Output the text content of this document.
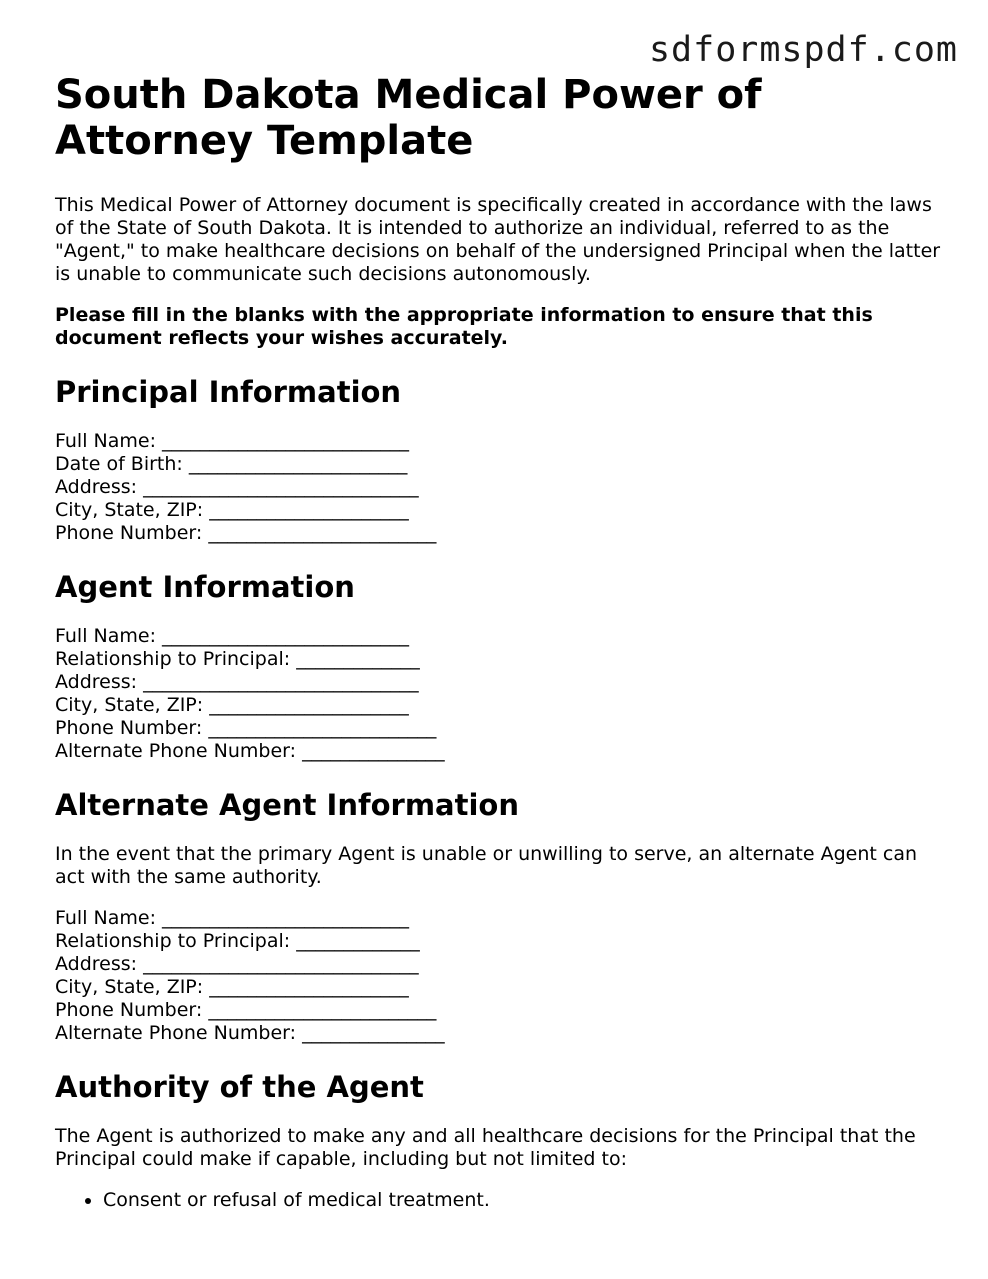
sdformspdf.com
South Dakota Medical Power of Attorney Template

This Medical Power of Attorney document is specifically created in accordance with the laws of the State of South Dakota. It is intended to authorize an individual, referred to as the "Agent," to make healthcare decisions on behalf of the undersigned Principal when the latter is unable to communicate such decisions autonomously.

Please fill in the blanks with the appropriate information to ensure that this document reflects your wishes accurately.

Principal Information
Full Name: __________________________
Date of Birth: _______________________
Address: _____________________________
City, State, ZIP: _____________________
Phone Number: ________________________
Agent Information
Full Name: __________________________
Relationship to Principal: _____________
Address: _____________________________
City, State, ZIP: _____________________
Phone Number: ________________________
Alternate Phone Number: _______________
Alternate Agent Information

In the event that the primary Agent is unable or unwilling to serve, an alternate Agent can act with the same authority.

Full Name: __________________________
Relationship to Principal: _____________
Address: _____________________________
City, State, ZIP: _____________________
Phone Number: ________________________
Alternate Phone Number: _______________
Authority of the Agent

The Agent is authorized to make any and all healthcare decisions for the Principal that the Principal could make if capable, including but not limited to:

• Consent or refusal of medical treatment.
